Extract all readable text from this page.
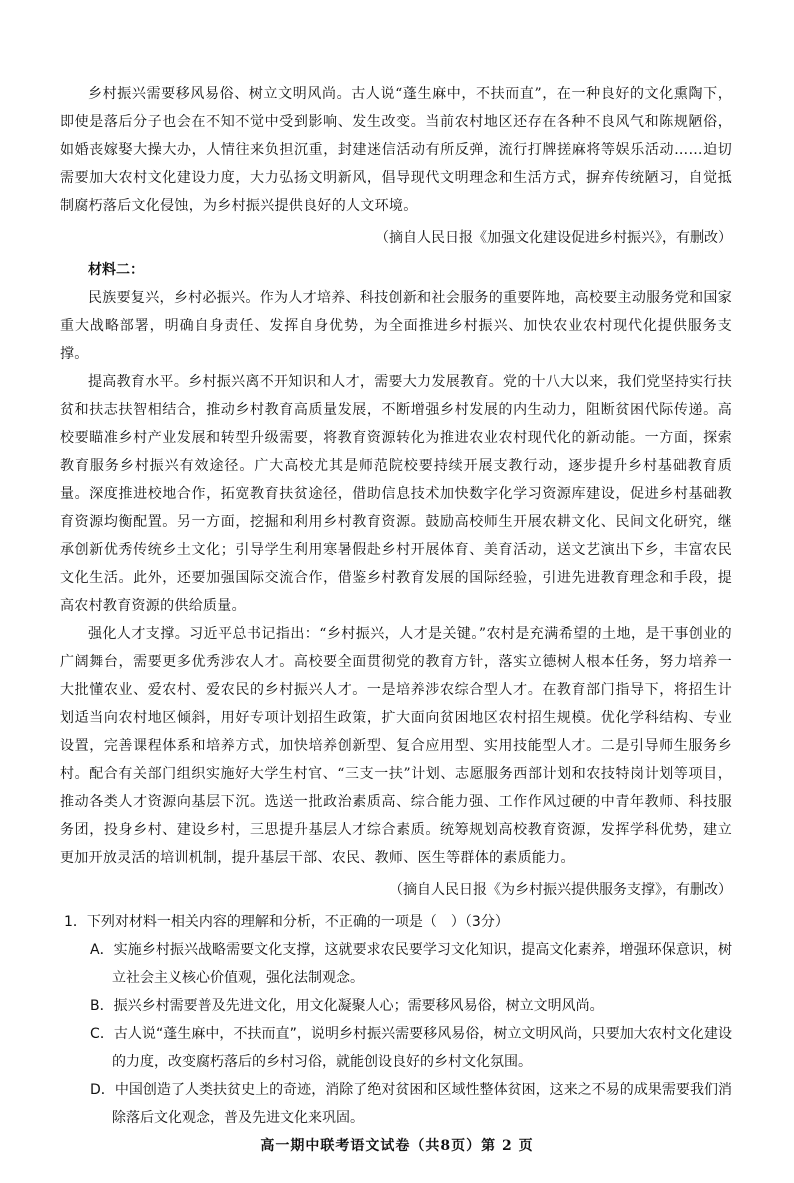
乡村振兴需要移风易俗、树立文明风尚。古人说“蓬生麻中，不扶而直”，在一种良好的文化熏陶下，即使是落后分子也会在不知不觉中受到影响、发生改变。当前农村地区还存在各种不良风气和陈规陋俗，如婚丧嫁娶大操大办，人情往来负担沉重，封建迷信活动有所反弹，流行打牌搓麻将等娱乐活动……迫切需要加大农村文化建设力度，大力弘扬文明新风，倡导现代文明理念和生活方式，摒弃传统陋习，自觉抵制腐朽落后文化侵蚀，为乡村振兴提供良好的人文环境。

（摘自人民日报《加强文化建设促进乡村振兴》，有删改）

材料二：

民族要复兴，乡村必振兴。作为人才培养、科技创新和社会服务的重要阵地，高校要主动服务党和国家重大战略部署，明确自身责任、发挥自身优势，为全面推进乡村振兴、加快农业农村现代化提供服务支撑。

提高教育水平。乡村振兴离不开知识和人才，需要大力发展教育。党的十八大以来，我们党坚持实行扶贫和扶志扶智相结合，推动乡村教育高质量发展，不断增强乡村发展的内生动力，阻断贫困代际传递。高校要瞄准乡村产业发展和转型升级需要，将教育资源转化为推进农业农村现代化的新动能。一方面，探索教育服务乡村振兴有效途径。广大高校尤其是师范院校要持续开展支教行动，逐步提升乡村基础教育质量。深度推进校地合作，拓宽教育扶贫途径，借助信息技术加快数字化学习资源库建设，促进乡村基础教育资源均衡配置。另一方面，挖掘和利用乡村教育资源。鼓励高校师生开展农耕文化、民间文化研究，继承创新优秀传统乡土文化；引导学生利用寒暑假赴乡村开展体育、美育活动，送文艺演出下乡，丰富农民文化生活。此外，还要加强国际交流合作，借鉴乡村教育发展的国际经验，引进先进教育理念和手段，提高农村教育资源的供给质量。

强化人才支撑。习近平总书记指出：“乡村振兴，人才是关键。”农村是充满希望的土地，是干事创业的广阔舞台，需要更多优秀涉农人才。高校要全面贯彻党的教育方针，落实立德树人根本任务，努力培养一大批懂农业、爱农村、爱农民的乡村振兴人才。一是培养涉农综合型人才。在教育部门指导下，将招生计划适当向农村地区倾斜，用好专项计划招生政策，扩大面向贫困地区农村招生规模。优化学科结构、专业设置，完善课程体系和培养方式，加快培养创新型、复合应用型、实用技能型人才。二是引导师生服务乡村。配合有关部门组织实施好大学生村官、“三支一扶”计划、志愿服务西部计划和农技特岗计划等项目，推动各类人才资源向基层下沉。选送一批政治素质高、综合能力强、工作作风过硬的中青年教师、科技服务团，投身乡村、建设乡村，三思提升基层人才综合素质。统筹规划高校教育资源，发挥学科优势，建立更加开放灵活的培训机制，提升基层干部、农民、教师、医生等群体的素质能力。

（摘自人民日报《为乡村振兴提供服务支撑》，有删改）

1．下列对材料一相关内容的理解和分析，不正确的一项是（　）（3分）

A．实施乡村振兴战略需要文化支撑，这就要求农民要学习文化知识，提高文化素养，增强环保意识，树立社会主义核心价值观，强化法制观念。

B．振兴乡村需要普及先进文化，用文化凝聚人心；需要移风易俗，树立文明风尚。

C．古人说“蓬生麻中，不扶而直”，说明乡村振兴需要移风易俗，树立文明风尚，只要加大农村文化建设的力度，改变腐朽落后的乡村习俗，就能创设良好的乡村文化氛围。

D．中国创造了人类扶贫史上的奇迹，消除了绝对贫困和区域性整体贫困，这来之不易的成果需要我们消除落后文化观念，普及先进文化来巩固。

高一期中联考语文试卷（共8页）第 2 页
